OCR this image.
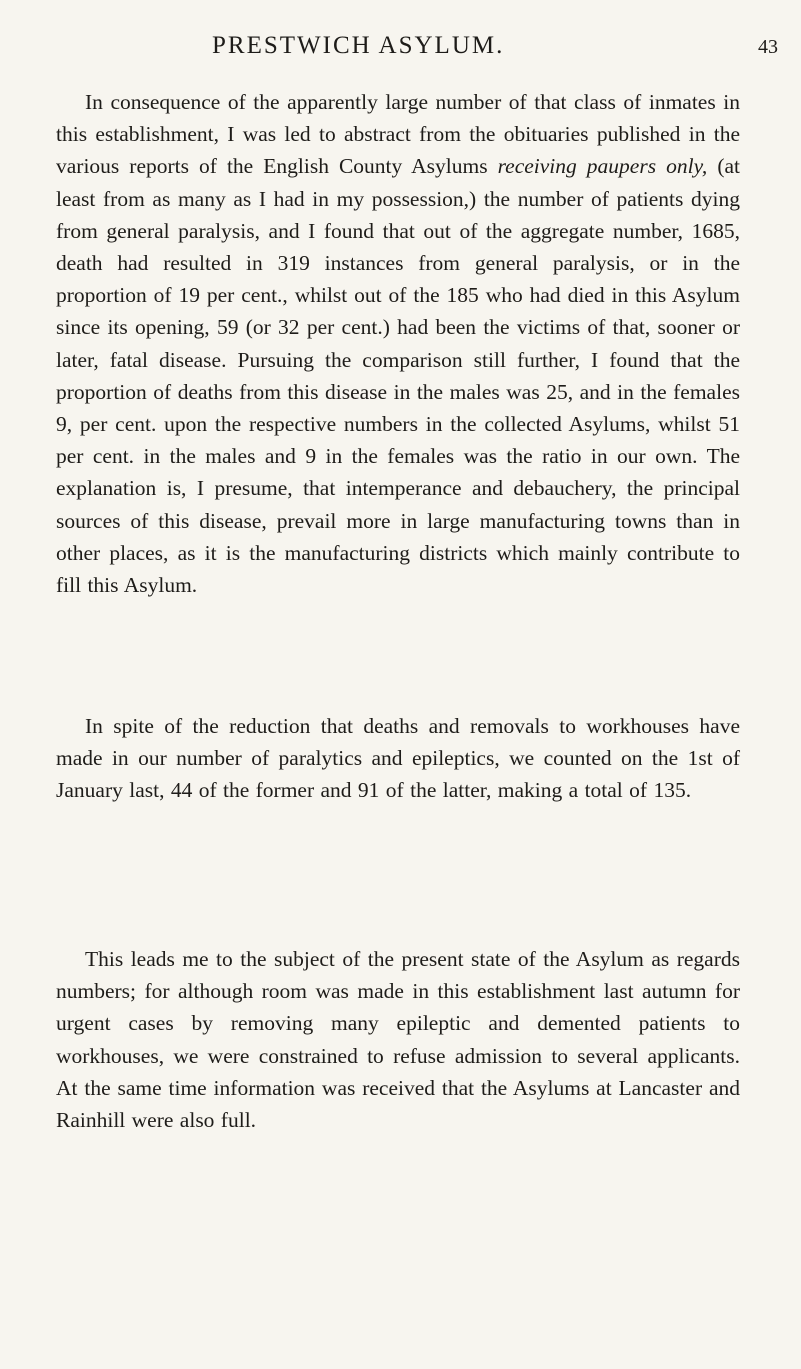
PRESTWICH ASYLUM.	43

In consequence of the apparently large number of that class of inmates in this establishment, I was led to abstract from the obituaries published in the various reports of the English County Asylums receiving paupers only, (at least from as many as I had in my possession,) the number of patients dying from general paralysis, and I found that out of the aggregate number, 1685, death had resulted in 319 instances from general paralysis, or in the proportion of 19 per cent., whilst out of the 185 who had died in this Asylum since its opening, 59 (or 32 per cent.) had been the victims of that, sooner or later, fatal disease. Pursuing the comparison still further, I found that the proportion of deaths from this disease in the males was 25, and in the females 9, per cent. upon the respective numbers in the collected Asylums, whilst 51 per cent. in the males and 9 in the females was the ratio in our own. The explanation is, I presume, that intemperance and debauchery, the principal sources of this disease, prevail more in large manufacturing towns than in other places, as it is the manufacturing districts which mainly contribute to fill this Asylum.

In spite of the reduction that deaths and removals to workhouses have made in our number of paralytics and epileptics, we counted on the 1st of January last, 44 of the former and 91 of the latter, making a total of 135.

This leads me to the subject of the present state of the Asylum as regards numbers; for although room was made in this establishment last autumn for urgent cases by removing many epileptic and demented patients to workhouses, we were constrained to refuse admission to several applicants. At the same time information was received that the Asylums at Lancaster and Rainhill were also full.
